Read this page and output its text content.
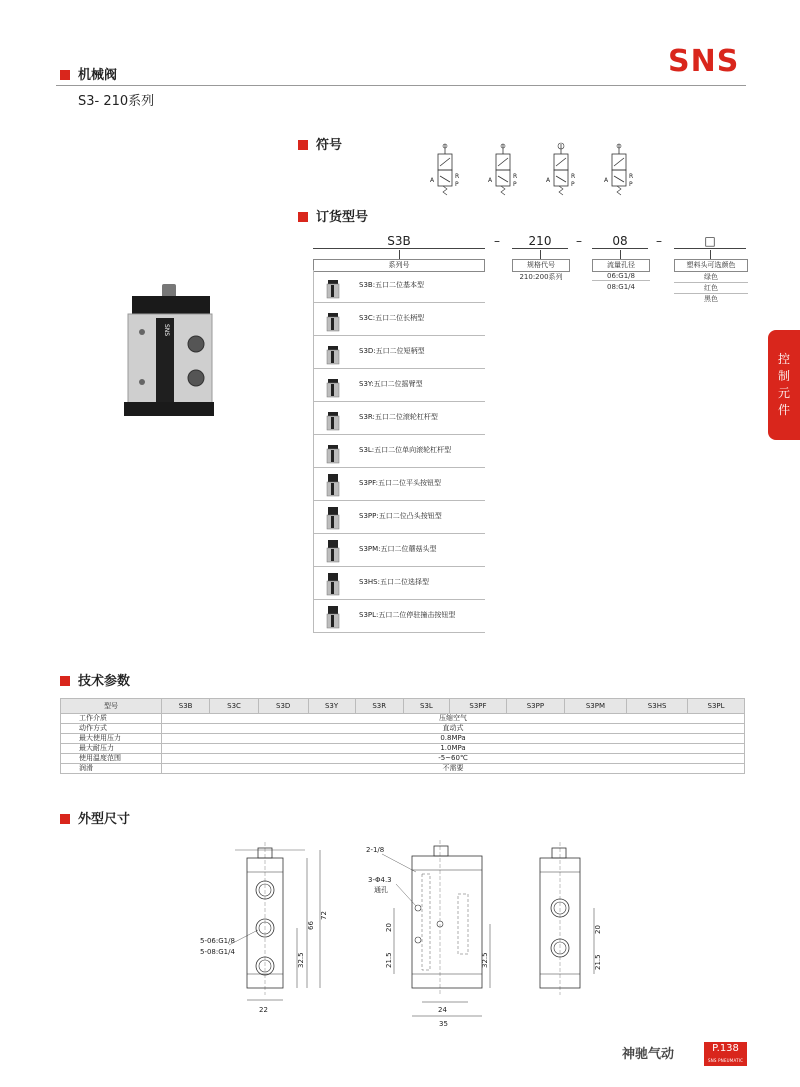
机械阀
S3- 210系列
SNS
控
制
元
件
SNS
符号
A
R
P
A
R
P
A
R
P
A
R
P
订货型号
S3B	–	210	–	08	–	□
系列号	规格代号
210:200系列
流量孔径
06:G1/8
08:G1/4
塑料头可选颜色
绿色
红色
黑色
S3B:五口二位基本型
S3C:五口二位长柄型
S3D:五口二位短柄型
S3Y:五口二位摇臂型
S3R:五口二位滚轮杠杆型
S3L:五口二位单向滚轮杠杆型
S3PF:五口二位平头按钮型
S3PP:五口二位凸头按钮型
S3PM:五口二位蘑菇头型
S3HS:五口二位选择型
S3PL:五口二位停驻撞击按钮型
技术参数
型号	S3B	S3C	S3D	S3Y	S3R	S3L	S3PF	S3PP	S3PM	S3HS	S3PL
工作介质	压缩空气										
动作方式	直动式										
最大使用压力	0.8MPa										
最大耐压力	1.0MPa										
使用温度范围	-5~60℃										
润滑	不需要										
外型尺寸
72
66
32.5
22
5-06:G1/8
5-08:G1/4
20
21.5	32.5
24
35
2-1/8
3-Φ4.3
通孔
20
21.5
神驰气动	P.138
SNS PNEUMATIC
